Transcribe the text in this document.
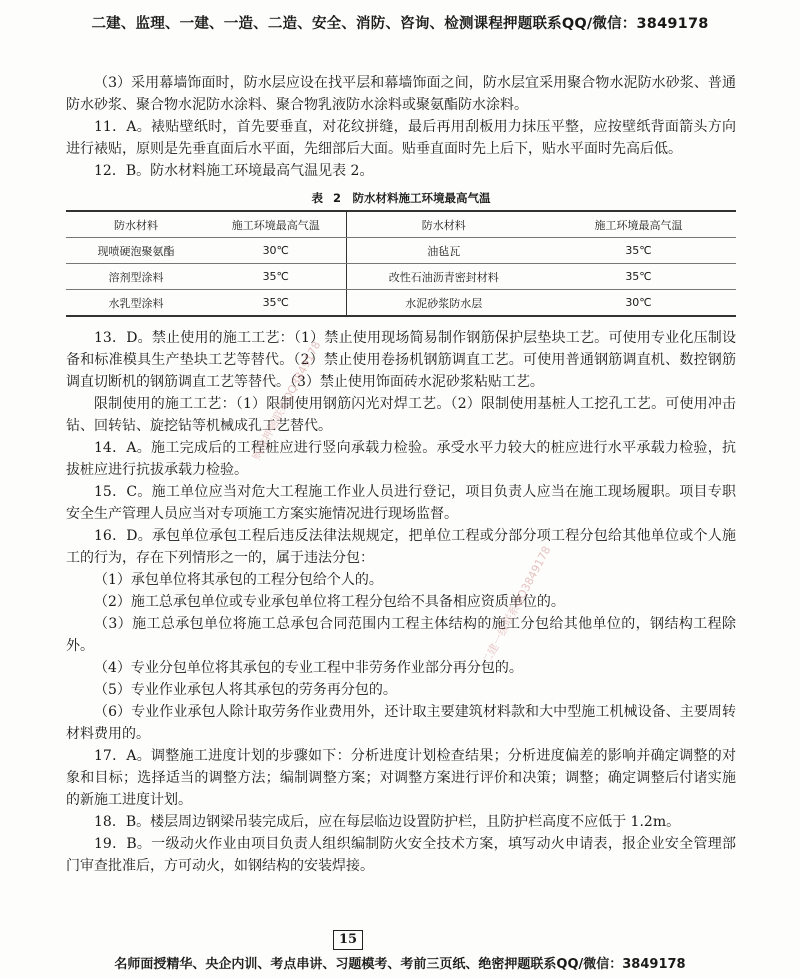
二建、监理、一建、一造、二造、安全、消防、咨询、检测课程押题联系QQ/微信：3849178

（3）采用幕墙饰面时，防水层应设在找平层和幕墙饰面之间，防水层宜采用聚合物水泥防水砂浆、普通防水砂浆、聚合物水泥防水涂料、聚合物乳液防水涂料或聚氨酯防水涂料。

11．A。裱贴壁纸时，首先要垂直，对花纹拼缝，最后再用刮板用力抹压平整，应按壁纸背面箭头方向进行裱贴，原则是先垂直面后水平面，先细部后大面。贴垂直面时先上后下，贴水平面时先高后低。

12．B。防水材料施工环境最高气温见表 2。

表 2　防水材料施工环境最高气温
防水材料	施工环境最高气温	防水材料	施工环境最高气温
现喷硬泡聚氨酯	30℃	油毡瓦	35℃
溶剂型涂料	35℃	改性石油沥青密封材料	35℃
水乳型涂料	35℃	水泥砂浆防水层	30℃

13．D。禁止使用的施工工艺：（1）禁止使用现场简易制作钢筋保护层垫块工艺。可使用专业化压制设备和标准模具生产垫块工艺等替代。（2）禁止使用卷扬机钢筋调直工艺。可使用普通钢筋调直机、数控钢筋调直切断机的钢筋调直工艺等替代。（3）禁止使用饰面砖水泥砂浆粘贴工艺。

限制使用的施工工艺：（1）限制使用钢筋闪光对焊工艺。（2）限制使用基桩人工挖孔工艺。可使用冲击钻、回转钻、旋挖钻等机械成孔工艺替代。

14．A。施工完成后的工程桩应进行竖向承载力检验。承受水平力较大的桩应进行水平承载力检验，抗拔桩应进行抗拔承载力检验。

15．C。施工单位应当对危大工程施工作业人员进行登记，项目负责人应当在施工现场履职。项目专职安全生产管理人员应当对专项施工方案实施情况进行现场监督。

16．D。承包单位承包工程后违反法律法规规定，把单位工程或分部分项工程分包给其他单位或个人施工的行为，存在下列情形之一的，属于违法分包：

（1）承包单位将其承包的工程分包给个人的。

（2）施工总承包单位或专业承包单位将工程分包给不具备相应资质单位的。

（3）施工总承包单位将施工总承包合同范围内工程主体结构的施工分包给其他单位的，钢结构工程除外。

（4）专业分包单位将其承包的专业工程中非劳务作业部分再分包的。

（5）专业作业承包人将其承包的劳务再分包的。

（6）专业作业承包人除计取劳务作业费用外，还计取主要建筑材料款和大中型施工机械设备、主要周转材料费用的。

17．A。调整施工进度计划的步骤如下：分析进度计划检查结果；分析进度偏差的影响并确定调整的对象和目标；选择适当的调整方法；编制调整方案；对调整方案进行评价和决策；调整；确定调整后付诸实施的新施工进度计划。

18．B。楼层周边钢梁吊装完成后，应在每层临边设置防护栏，且防护栏高度不应低于 1.2m。

19．B。一级动火作业由项目负责人组织编制防火安全技术方案，填写动火申请表，报企业安全管理部门审查批准后，方可动火，如钢结构的安装焊接。

购准押题联系QQ3849178
二建一级联系QQ3849178
15
名师面授精华、央企内训、考点串讲、习题模考、考前三页纸、绝密押题联系QQ/微信：3849178
